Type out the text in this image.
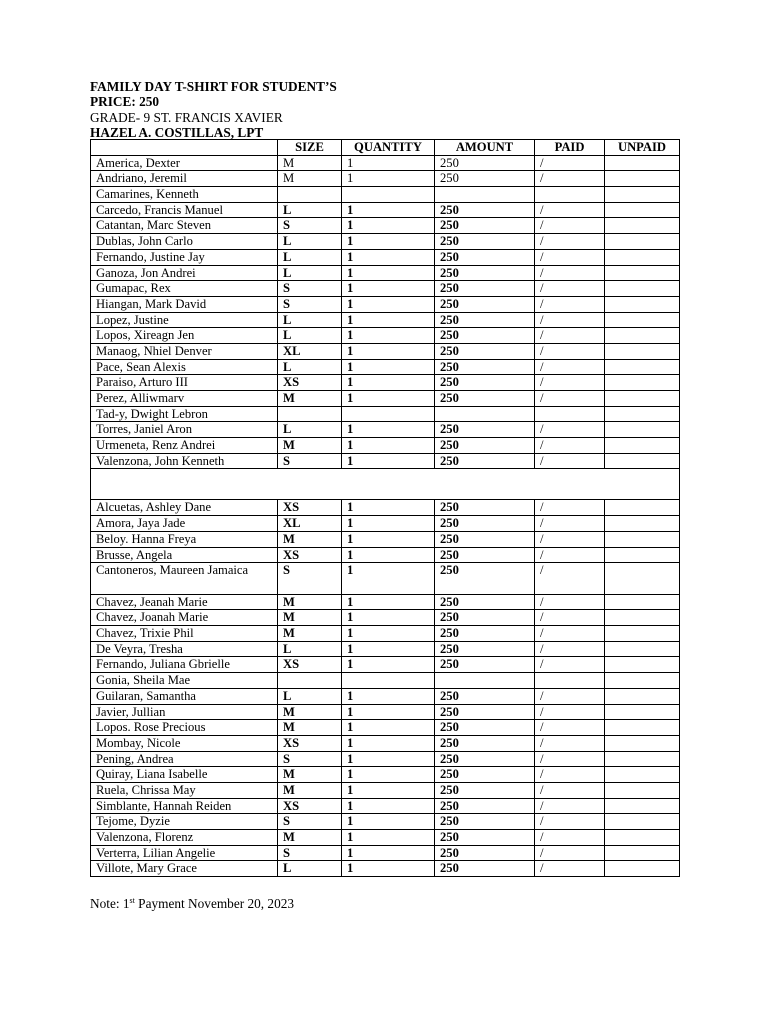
FAMILY DAY T-SHIRT FOR STUDENT’S
PRICE: 250
GRADE- 9 ST. FRANCIS XAVIER
HAZEL A. COSTILLAS, LPT
	SIZE	QUANTITY	AMOUNT	PAID	UNPAID
America, Dexter	M	1	250	/	
Andriano, Jeremil	M	1	250	/	
Camarines, Kenneth					
Carcedo, Francis Manuel	L	1	250	/	
Catantan, Marc Steven	S	1	250	/	
Dublas, John Carlo	L	1	250	/	
Fernando, Justine Jay	L	1	250	/	
Ganoza, Jon Andrei	L	1	250	/	
Gumapac, Rex	S	1	250	/	
Hiangan, Mark David	S	1	250	/	
Lopez, Justine	L	1	250	/	
Lopos, Xireagn Jen	L	1	250	/	
Manaog, Nhiel Denver	XL	1	250	/	
Pace, Sean Alexis	L	1	250	/	
Paraiso, Arturo III	XS	1	250	/	
Perez, Alliwmarv	M	1	250	/	
Tad-y, Dwight Lebron					
Torres, Janiel Aron	L	1	250	/	
Urmeneta, Renz Andrei	M	1	250	/	
Valenzona, John Kenneth	S	1	250	/	

Alcuetas, Ashley Dane	XS	1	250	/	
Amora, Jaya Jade	XL	1	250	/	
Beloy. Hanna Freya	M	1	250	/	
Brusse, Angela	XS	1	250	/	
Cantoneros, Maureen Jamaica	S	1	250	/	
Chavez, Jeanah Marie	M	1	250	/	
Chavez, Joanah Marie	M	1	250	/	
Chavez, Trixie Phil	M	1	250	/	
De Veyra, Tresha	L	1	250	/	
Fernando, Juliana Gbrielle	XS	1	250	/	
Gonia, Sheila Mae					
Guilaran, Samantha	L	1	250	/	
Javier, Jullian	M	1	250	/	
Lopos. Rose Precious	M	1	250	/	
Mombay, Nicole	XS	1	250	/	
Pening, Andrea	S	1	250	/	
Quiray, Liana Isabelle	M	1	250	/	
Ruela, Chrissa May	M	1	250	/	
Simblante, Hannah Reiden	XS	1	250	/	
Tejome, Dyzie	S	1	250	/	
Valenzona, Florenz	M	1	250	/	
Verterra, Lilian Angelie	S	1	250	/	
Villote, Mary Grace	L	1	250	/	
Note: 1st Payment November 20, 2023
